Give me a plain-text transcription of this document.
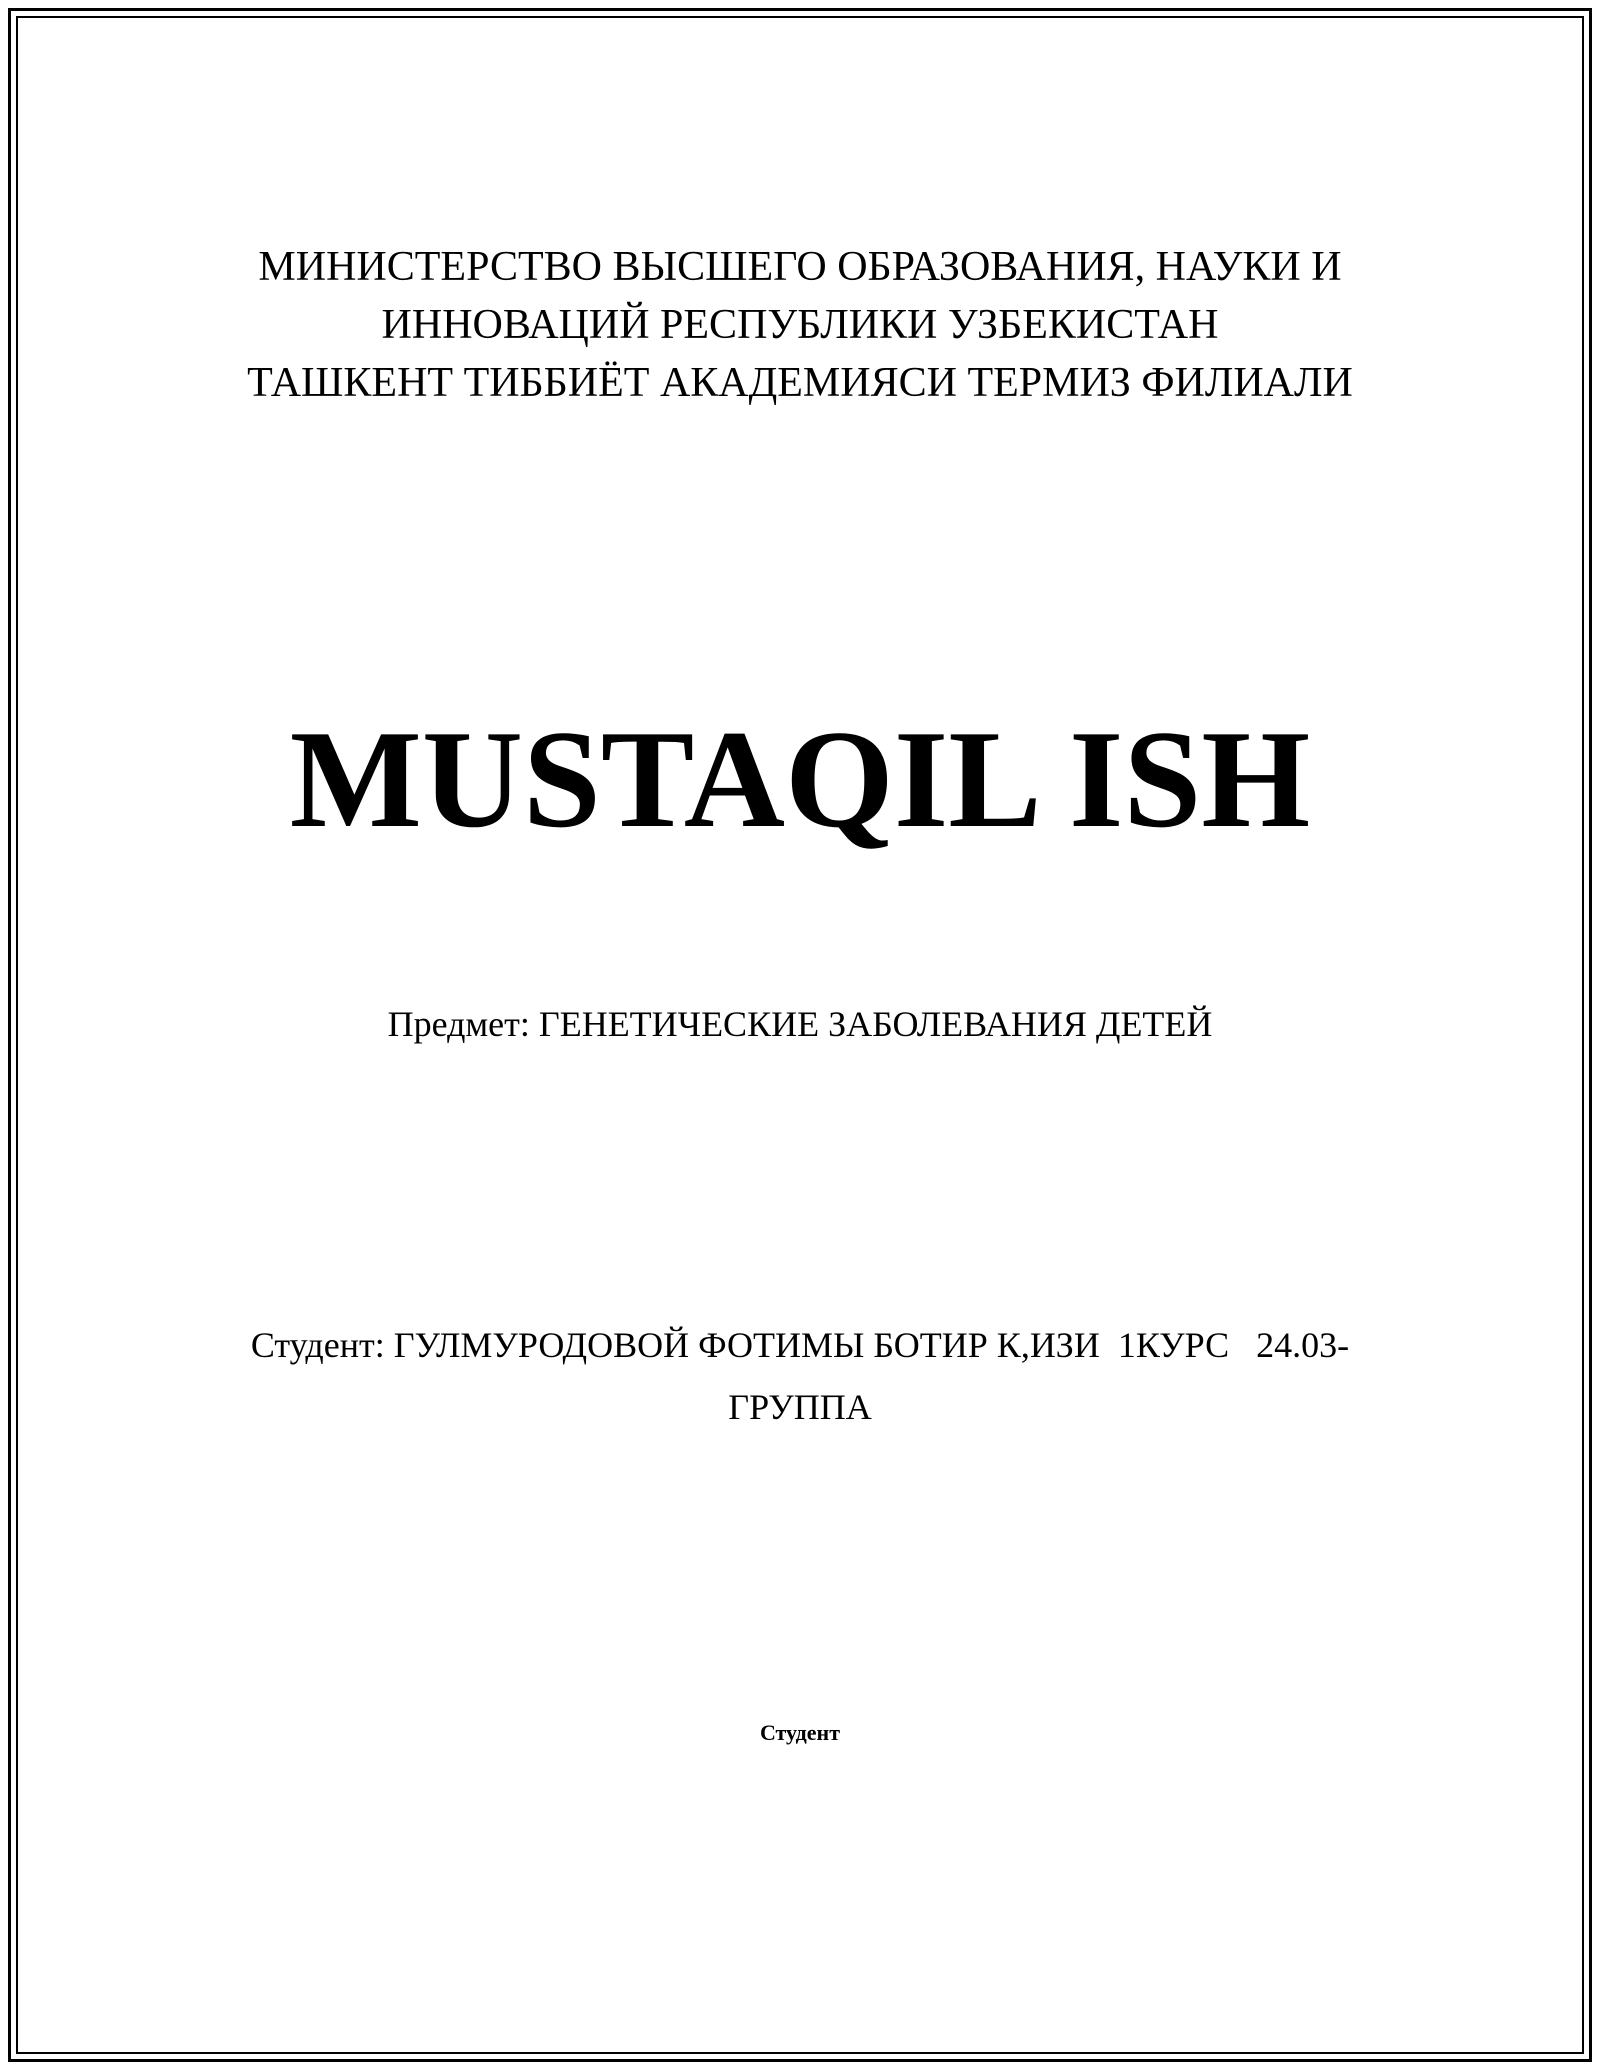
МИНИСТЕРСТВО ВЫСШЕГО ОБРАЗОВАНИЯ, НАУКИ И
ИННОВАЦИЙ РЕСПУБЛИКИ УЗБЕКИСТАН
ТАШКЕНТ ТИББИЁТ АКАДЕМИЯСИ ТЕРМИЗ ФИЛИАЛИ
MUSTAQIL ISH
Предмет: ГЕНЕТИЧЕСКИЕ ЗАБОЛЕВАНИЯ ДЕТЕЙ
Студент: ГУЛМУРОДОВОЙ ФОТИМЫ БОТИР К,ИЗИ  1КУРС   24.03-
ГРУППА
Студент
